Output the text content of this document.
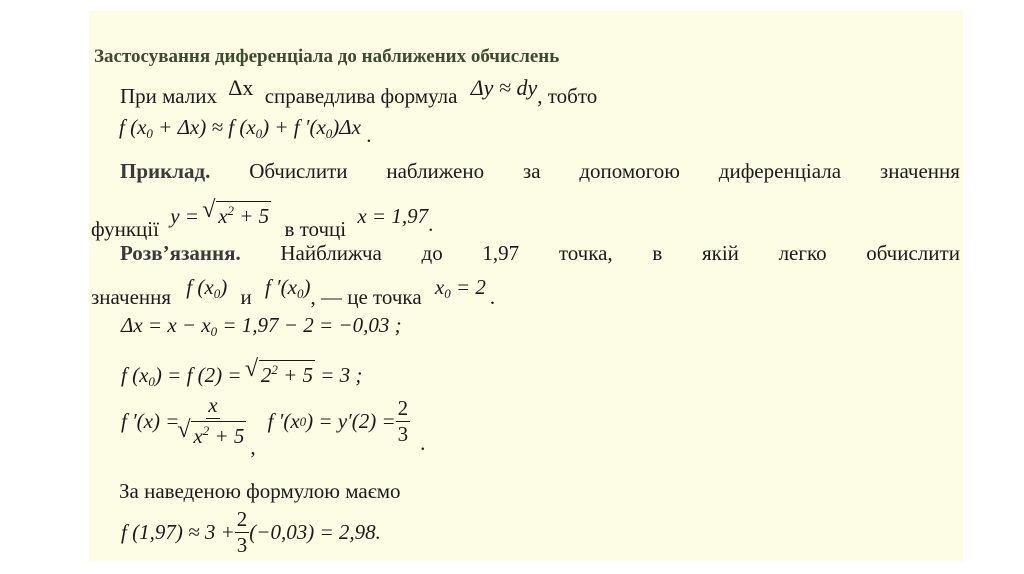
Застосування диференціала до наближених обчислень
При малих Δx справедлива формула Δy ≈ dy, тобто
f $(x_0 + \Delta x) \approx f$ $(x_0) + f$ $'(x_0)\Delta x$ .
Приклад. Обчислити наближено за допомогою диференціала значення
функції y = √ $x^2 + 5$ в точці x = 1,97.
Розв’язання. Найближча до 1,97 точка, в якій легко обчислити
значення f $(x_0)$ и f $'(x_0)$, — це точка $x_0 = 2$ .
$\Delta x = x - x_0 = 1,97 - 2 = -0,03$ ;
f $(x_0) = f$ (2) = √ $2^2 + 5 = 3$ ;
f ′(x) = x
√ $x^2 + 5$ ,
f ′(x 0 ) = $y'(2) = \frac{2}{3}$ .
За наведеною формулою маємо
f $(1,97) \approx 3 + \frac{2}{3} (-0,03) = 2,98$.
